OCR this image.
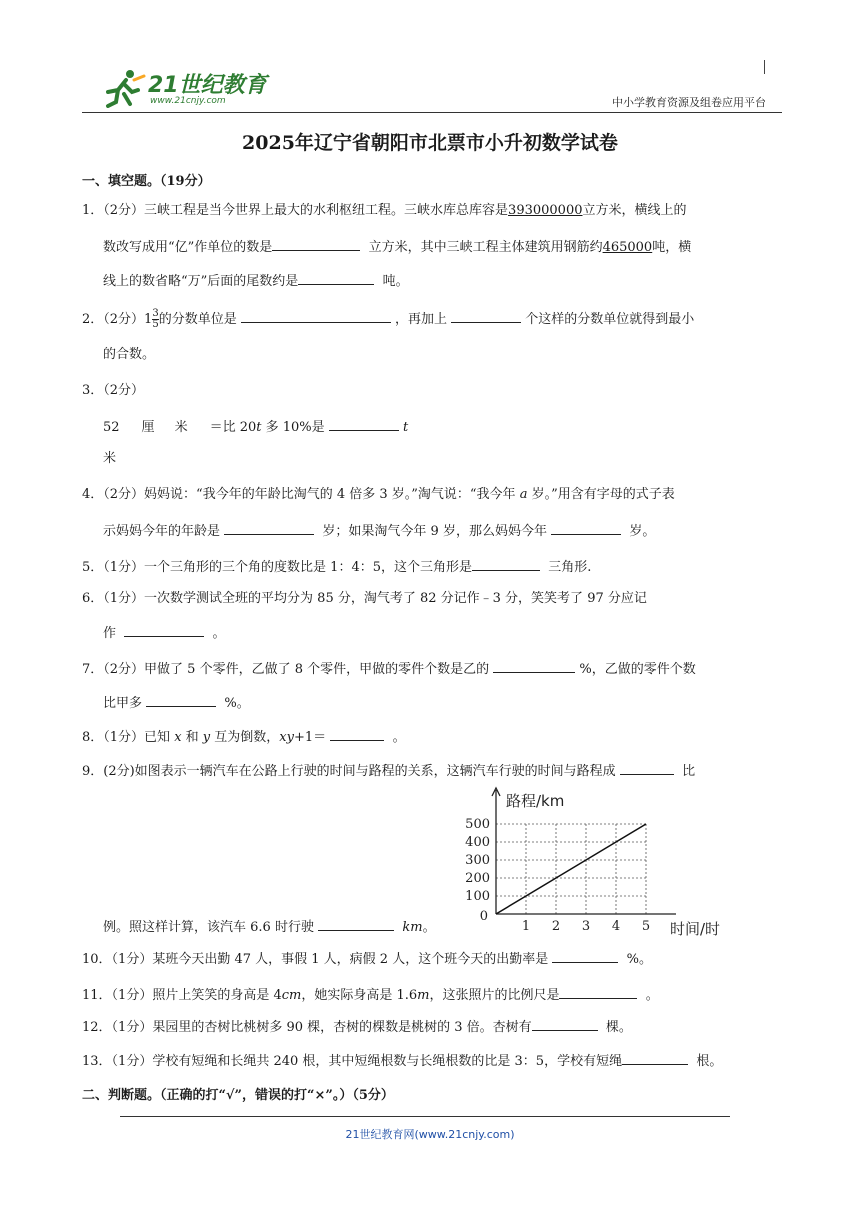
21世纪教育
www.21cnjy.com	中小学教育资源及组卷应用平台
2025年辽宁省朝阳市北票市小升初数学试卷
一、填空题。（19分）
1．（2分）三峡工程是当今世界上最大的水利枢纽工程。三峡水库总库容是393000000立方米，横线上的
数改写成用“亿”作单位的数是	立方米，其中三峡工程主体建筑用钢筋约465000吨，横
线上的数省略“万”后面的尾数约是	吨。
2．（2分）$1 \frac{3}{5}$ 的分数单位是	，再加上	个这样的分数单位就得到最小
的合数。
3．（2分）
52 厘 米 ＝比 20t 多 10%是	t
米
4．（2分）妈妈说：“我今年的年龄比淘气的 4 倍多 3 岁。”淘气说：“我今年 a 岁。”用含有字母的式子表
示妈妈今年的年龄是	岁；如果淘气今年 9 岁，那么妈妈今年	岁。
5．（1分）一个三角形的三个角的度数比是 1：4：5，这个三角形是	三角形.
6．（1分）一次数学测试全班的平均分为 85 分，淘气考了 82 分记作﹣3 分，笑笑考了 97 分应记
作	。
7．（2分）甲做了 5 个零件，乙做了 8 个零件，甲做的零件个数是乙的	%，乙做的零件个数
比甲多	%。
8．（1分）已知 x 和 y 互为倒数，xy+1＝	。
9．(2分)如图表示一辆汽车在公路上行驶的时间与路程的关系，这辆汽车行驶的时间与路程成	比
例。照这样计算，该汽车 6.6 时行驶	km。	1 2 3 4 5
100
200
300
400
500
0
路程/km
时间/时
10．（1分）某班今天出勤 47 人，事假 1 人，病假 2 人，这个班今天的出勤率是	%。
11．（1分）照片上笑笑的身高是 4cm，她实际身高是 1.6m，这张照片的比例尺是	。
12．（1分）果园里的杏树比桃树多 90 棵，杏树的棵数是桃树的 3 倍。杏树有	棵。
13．（1分）学校有短绳和长绳共 240 根，其中短绳根数与长绳根数的比是 3：5，学校有短绳	根。
二、判断题。（正确的打“√”，错误的打“×”。）（5分）
21世纪教育网(www.21cnjy.com)
